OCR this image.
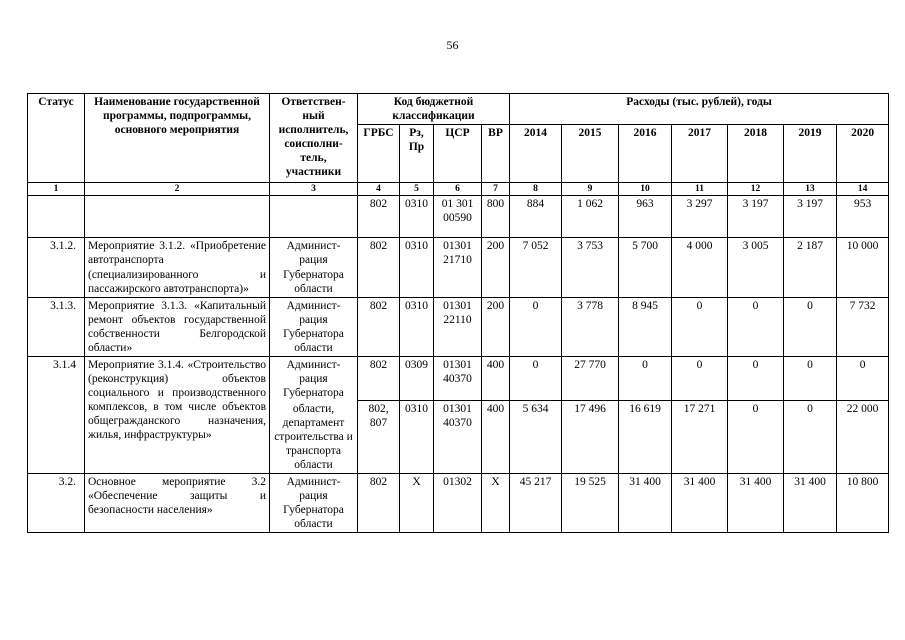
56
Статус	Наименование государственной программы, подпрограммы, основного мероприятия	Ответствен-ный исполнитель, соисполни-тель, участники	Код бюджетной классификации				Расходы (тыс. рублей), годы						
			ГРБС	Рз, Пр	ЦСР	ВР	2014	2015	2016	2017	2018	2019	2020
1	2	3	4	5	6	7	8	9	10	11	12	13	14
			802	0310	01 301 00590	800	884	1 062	963	3 297	3 197	3 197	953
3.1.2.	Мероприятие 3.1.2. «Приобретение автотранспорта (специализированного и пассажирского автотранспорта)»	Админист-рация Губернатора области	802	0310	01301 21710	200	7 052	3 753	5 700	4 000	3 005	2 187	10 000
3.1.3.	Мероприятие 3.1.3. «Капитальный ремонт объектов государственной собственности Белгородской области»	Админист-рация Губернатора области	802	0310	01301 22110	200	0	3 778	8 945	0	0	0	7 732
3.1.4	Мероприятие 3.1.4. «Строительство (реконструкция) объектов социального и производственного комплексов, в том числе объектов общегражданского назначения, жилья, инфраструктуры»	Админист-рация Губернатора	802	0309	01301 40370	400	0	27 770	0	0	0	0	0
		области, департамент строительства и транспорта области	802, 807	0310	01301 40370	400	5 634	17 496	16 619	17 271	0	0	22 000
3.2.	Основное мероприятие 3.2 «Обеспечение защиты и безопасности населения»	Админист-рация Губернатора области	802	Х	01302	Х	45 217	19 525	31 400	31 400	31 400	31 400	10 800
